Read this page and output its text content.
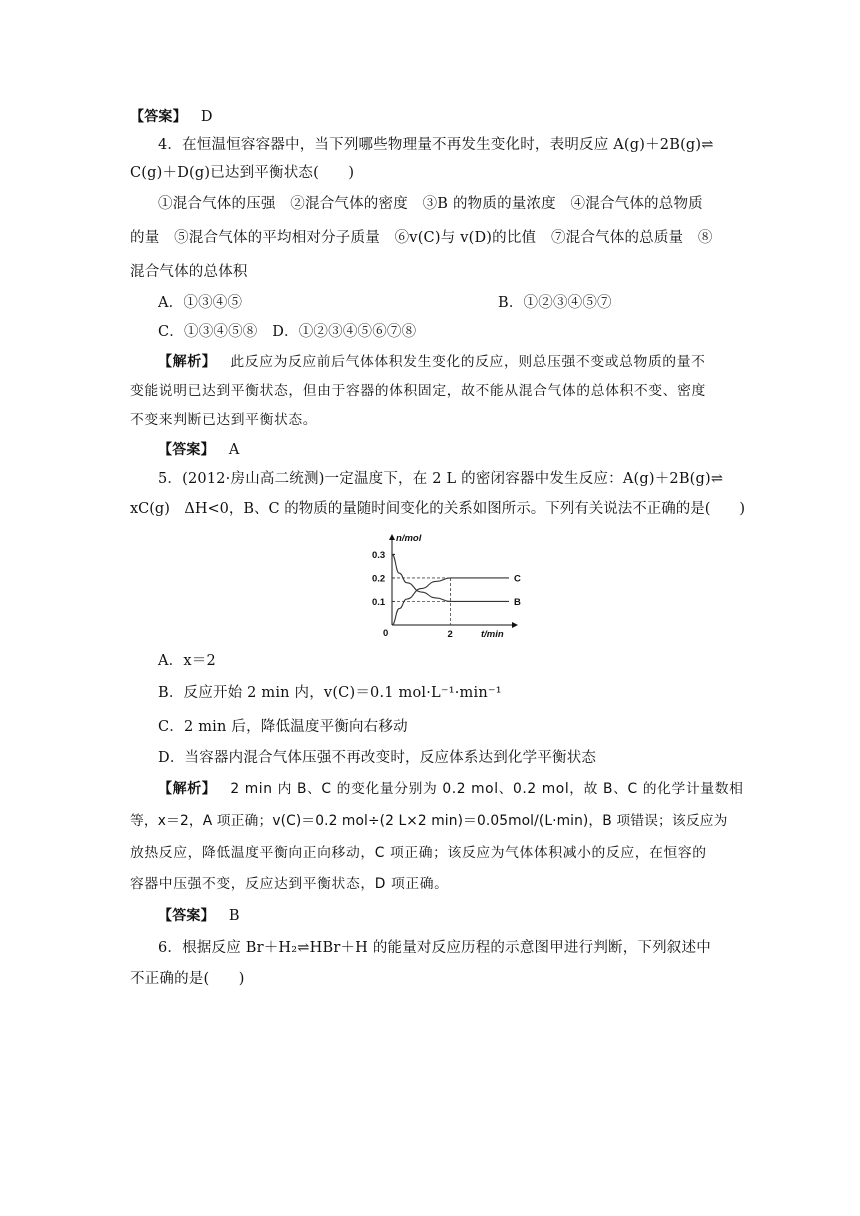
【答案】 D
4．在恒温恒容容器中，当下列哪些物理量不再发生变化时，表明反应 A(g)＋2B(g)⇌
C(g)＋D(g)已达到平衡状态(　　)
①混合气体的压强　②混合气体的密度　③B 的物质的量浓度　④混合气体的总物质
的量　⑤混合气体的平均相对分子质量　⑥v(C)与 v(D)的比值　⑦混合气体的总质量　⑧
混合气体的总体积
A．①③④⑤	B．①②③④⑤⑦
C．①③④⑤⑧　D．①②③④⑤⑥⑦⑧
【解析】 此反应为反应前后气体体积发生变化的反应，则总压强不变或总物质的量不
变能说明已达到平衡状态，但由于容器的体积固定，故不能从混合气体的总体积不变、密度
不变来判断已达到平衡状态。
【答案】 A
5．(2012·房山高二统测)一定温度下，在 2 L 的密闭容器中发生反应：A(g)＋2B(g)⇌
xC(g)　ΔH<0，B、C 的物质的量随时间变化的关系如图所示。下列有关说法不正确的是(　　)
n/mol
t/min
0
0.3
0.2
0.1
2
C
B
A．x＝2
B．反应开始 2 min 内，v(C)＝0.1 mol·L⁻¹·min⁻¹
C．2 min 后，降低温度平衡向右移动
D．当容器内混合气体压强不再改变时，反应体系达到化学平衡状态
【解析】 2 min 内 B、C 的变化量分别为 0.2 mol、0.2 mol，故 B、C 的化学计量数相
等，x＝2，A 项正确；v(C)＝0.2 mol÷(2 L×2 min)＝0.05mol/(L·min)，B 项错误；该反应为
放热反应，降低温度平衡向正向移动，C 项正确；该反应为气体体积减小的反应，在恒容的
容器中压强不变，反应达到平衡状态，D 项正确。
【答案】 B
6．根据反应 Br＋H₂⇌HBr＋H 的能量对反应历程的示意图甲进行判断，下列叙述中
不正确的是(　　)
